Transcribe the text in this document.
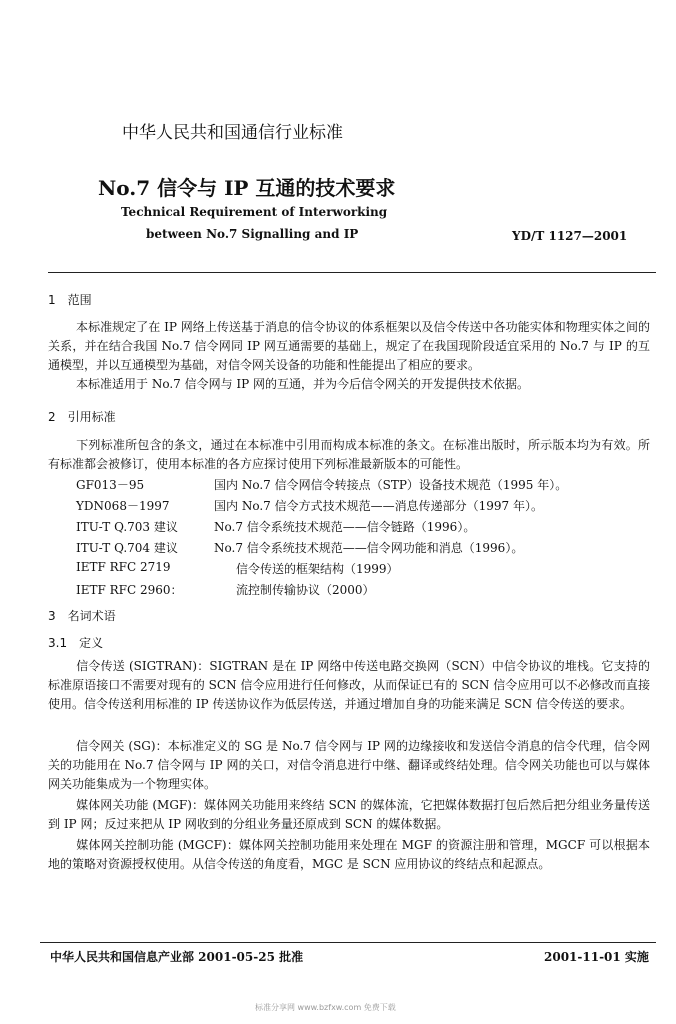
中华人民共和国通信行业标准
No.7 信令与 IP 互通的技术要求
Technical Requirement of Interworking
between No.7 Signalling and IP	YD/T 1127—2001
1　范围
本标准规定了在 IP 网络上传送基于消息的信令协议的体系框架以及信令传送中各功能实体和物理实体之间的关系，并在结合我国 No.7 信令网同 IP 网互通需要的基础上，规定了在我国现阶段适宜采用的 No.7 与 IP 的互通模型，并以互通模型为基础，对信令网关设备的功能和性能提出了相应的要求。
本标准适用于 No.7 信令网与 IP 网的互通，并为今后信令网关的开发提供技术依据。
2　引用标准
下列标准所包含的条文，通过在本标准中引用而构成本标准的条文。在标准出版时，所示版本均为有效。所有标准都会被修订，使用本标准的各方应探讨使用下列标准最新版本的可能性。
GF013－95	国内 No.7 信令网信令转接点（STP）设备技术规范（1995 年）。
YDN068－1997	国内 No.7 信令方式技术规范——消息传递部分（1997 年）。
ITU-T Q.703 建议	No.7 信令系统技术规范——信令链路（1996）。
ITU-T Q.704 建议	No.7 信令系统技术规范——信令网功能和消息（1996）。
IETF RFC 2719	信令传送的框架结构（1999）
IETF RFC 2960：	流控制传输协议（2000）
3　名词术语
3.1　定义
信令传送 (SIGTRAN)：SIGTRAN 是在 IP 网络中传送电路交换网（SCN）中信令协议的堆栈。它支持的标准原语接口不需要对现有的 SCN 信令应用进行任何修改，从而保证已有的 SCN 信令应用可以不必修改而直接使用。信令传送利用标准的 IP 传送协议作为低层传送，并通过增加自身的功能来满足 SCN 信令传送的要求。
信令网关 (SG)：本标准定义的 SG 是 No.7 信令网与 IP 网的边缘接收和发送信令消息的信令代理，信令网关的功能用在 No.7 信令网与 IP 网的关口，对信令消息进行中继、翻译或终结处理。信令网关功能也可以与媒体网关功能集成为一个物理实体。
媒体网关功能 (MGF)：媒体网关功能用来终结 SCN 的媒体流，它把媒体数据打包后然后把分组业务量传送到 IP 网；反过来把从 IP 网收到的分组业务量还原成到 SCN 的媒体数据。
媒体网关控制功能 (MGCF)：媒体网关控制功能用来处理在 MGF 的资源注册和管理，MGCF 可以根据本地的策略对资源授权使用。从信令传送的角度看，MGC 是 SCN 应用协议的终结点和起源点。
中华人民共和国信息产业部 2001-05-25 批准	2001-11-01 实施
标准分享网 www.bzfxw.com 免费下载
